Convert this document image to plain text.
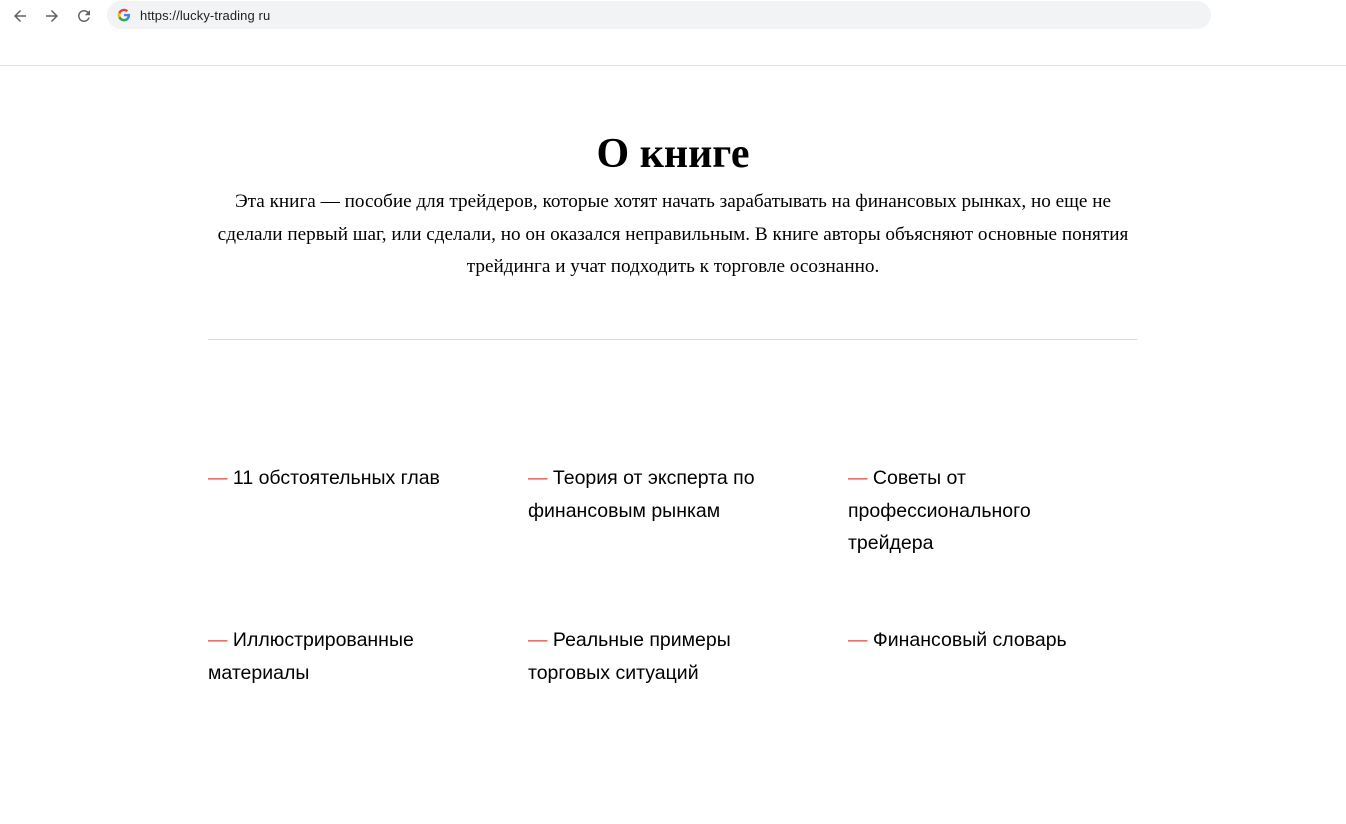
https://lucky-trading ru
О книге

Эта книга — пособие для трейдеров, которые хотят начать зарабатывать на финансовых рынках, но еще не сделали первый шаг, или сделали, но он оказался неправильным. В книге авторы объясняют основные понятия трейдинга и учат подходить к торговле осознанно.

— 11 обстоятельных глав	— Теория от эксперта по финансовым рынкам
— Советы от профессионального трейдера
— Иллюстрированные материалы
— Реальные примеры торговых ситуаций
— Финансовый словарь
